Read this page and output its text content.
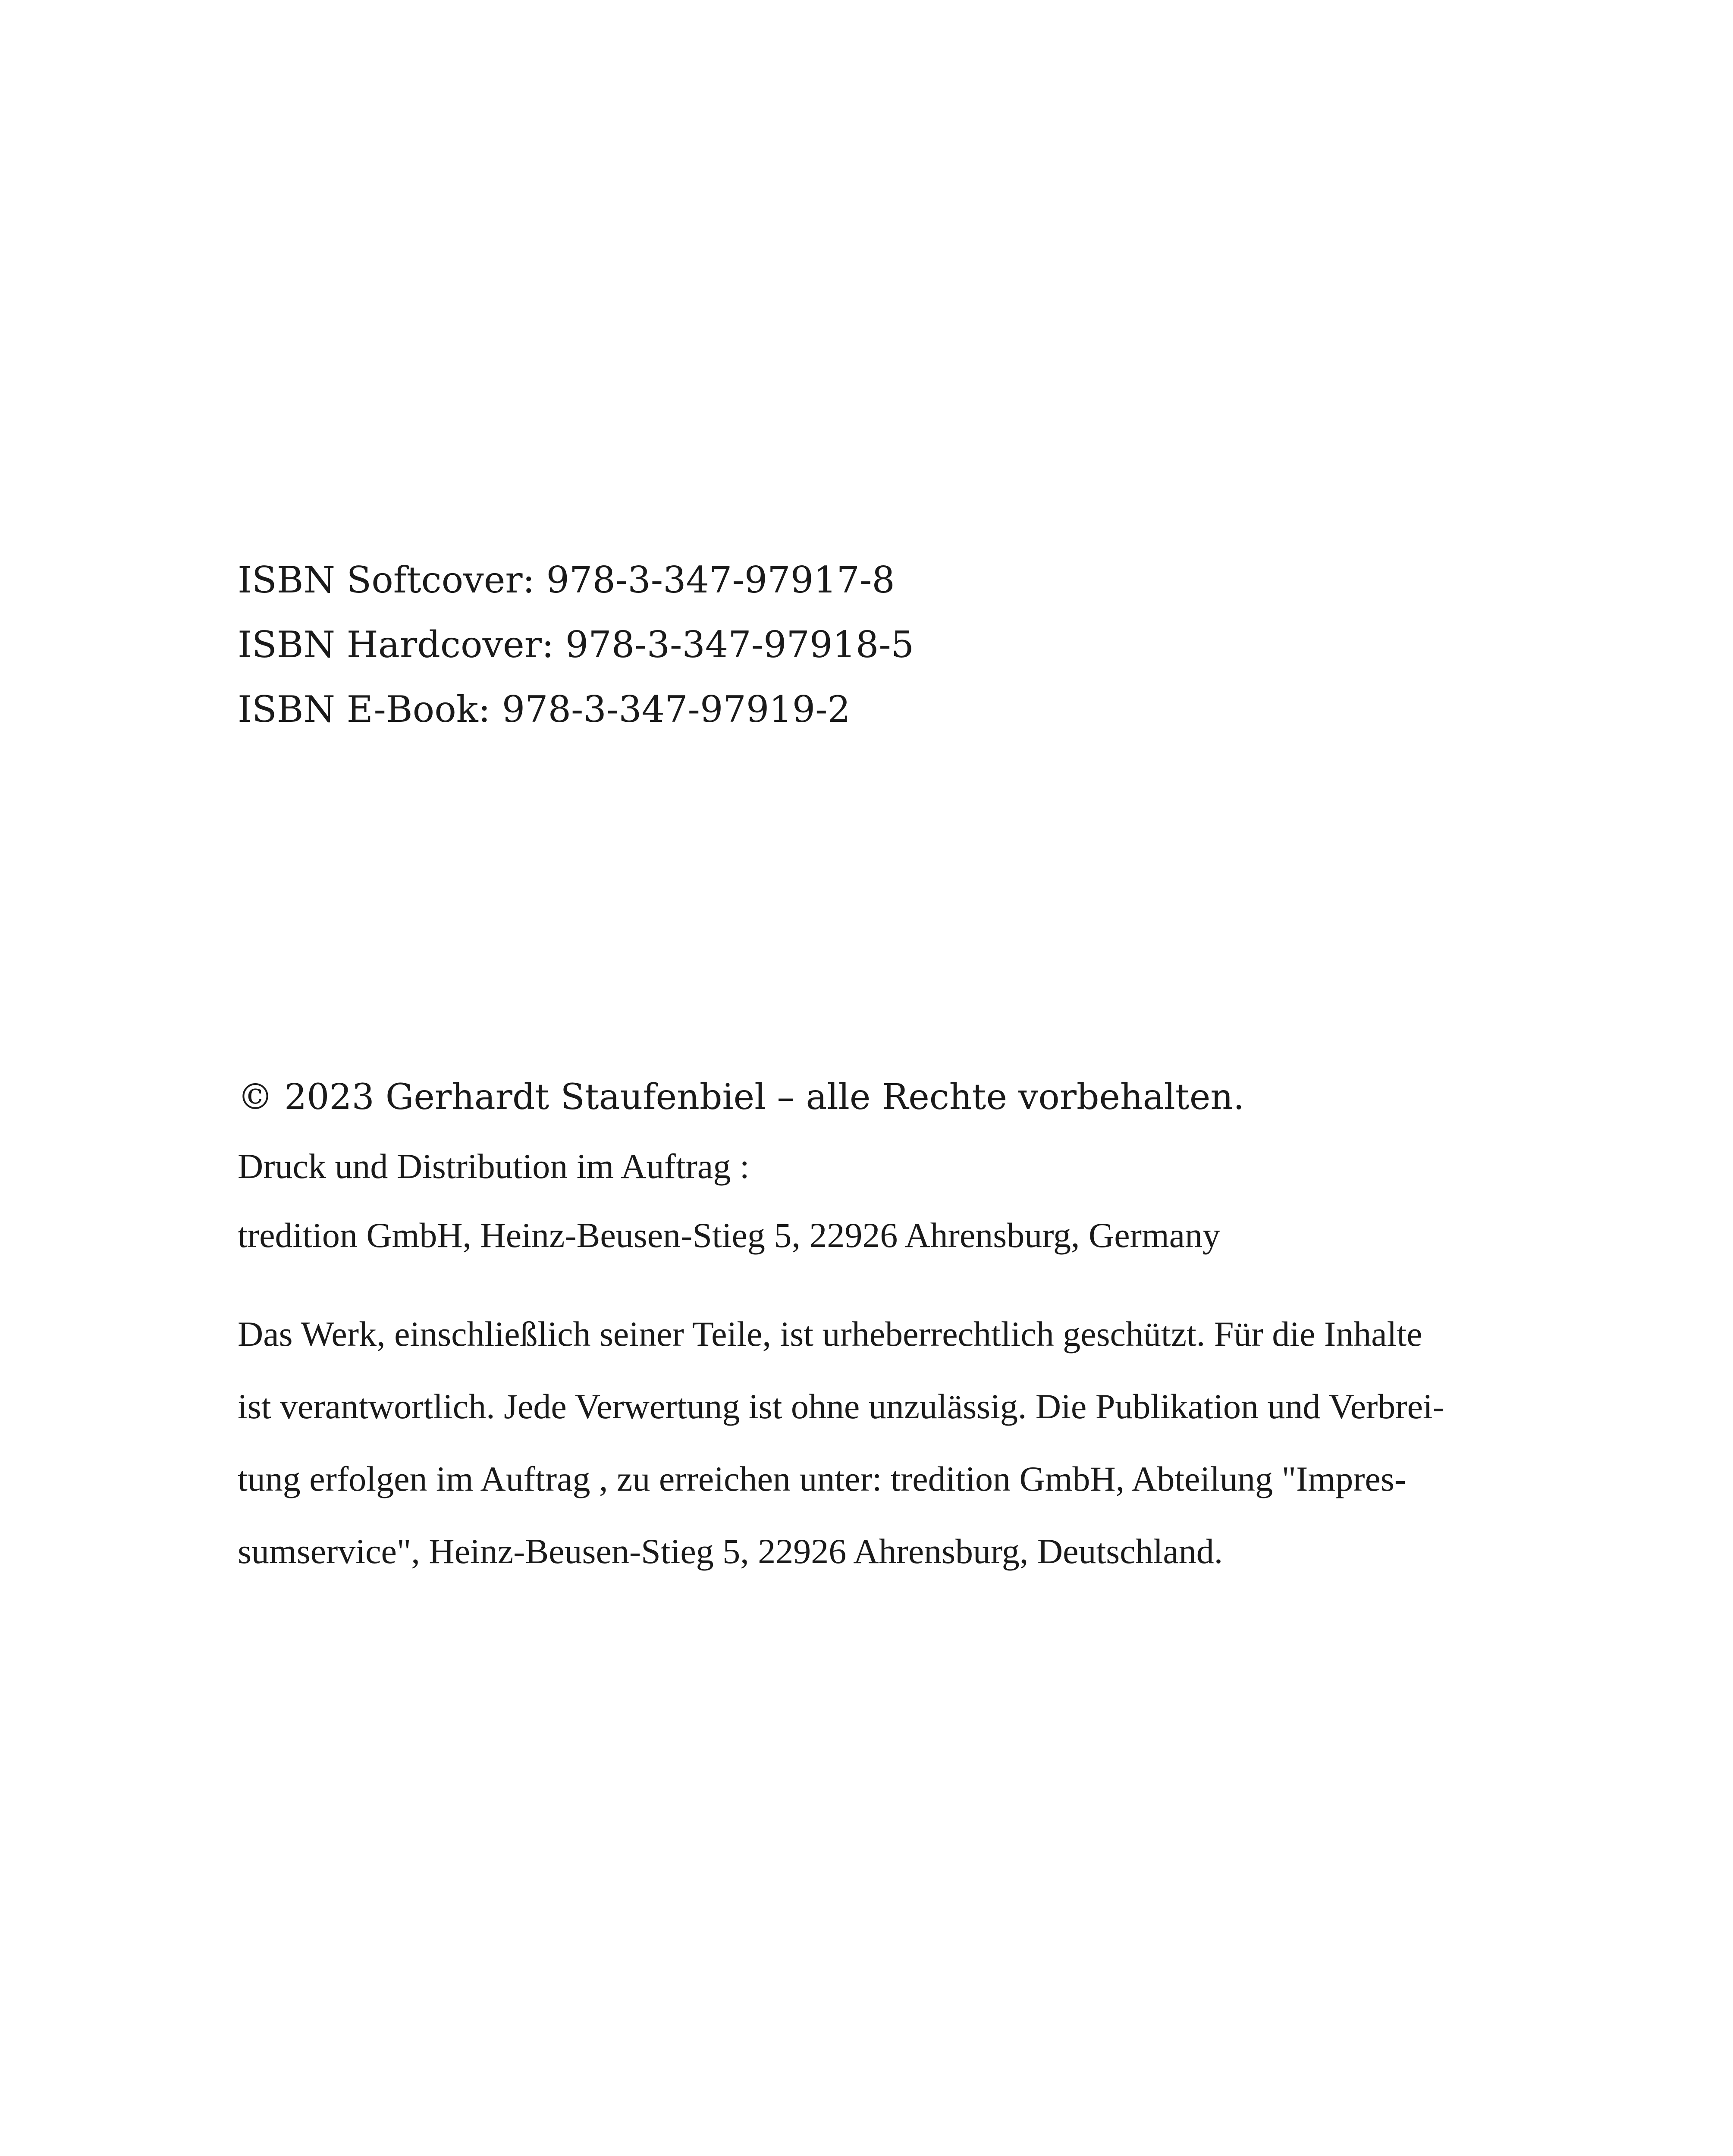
ISBN Softcover: 978-3-347-97917-8
ISBN Hardcover: 978-3-347-97918-5
ISBN E-Book: 978-3-347-97919-2
© 2023 Gerhardt Staufenbiel – alle Rechte vorbehalten.
Druck und Distribution im Auftrag :
tredition GmbH, Heinz-Beusen-Stieg 5, 22926 Ahrensburg, Germany
Das Werk, einschließlich seiner Teile, ist urheberrechtlich geschützt. Für die Inhalte
ist verantwortlich. Jede Verwertung ist ohne unzulässig. Die Publikation und Verbrei-
tung erfolgen im Auftrag , zu erreichen unter: tredition GmbH, Abteilung "Impres-
sumservice", Heinz-Beusen-Stieg 5, 22926 Ahrensburg, Deutschland.
